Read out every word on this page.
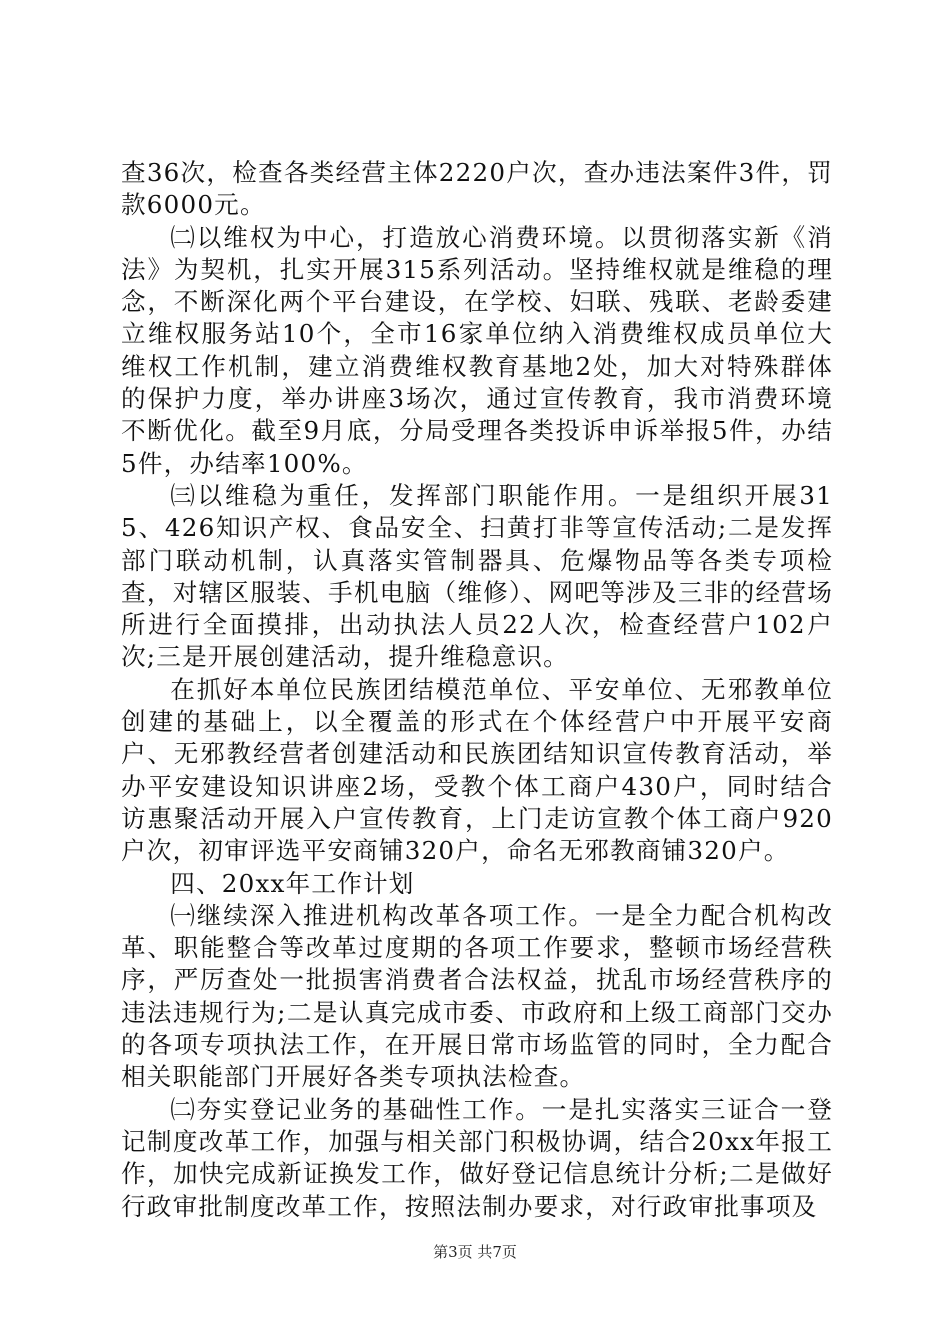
查36次，检查各类经营主体2220户次，查办违法案件3件，罚款6000元。

㈡以维权为中心，打造放心消费环境。以贯彻落实新《消法》为契机，扎实开展315系列活动。坚持维权就是维稳的理念，不断深化两个平台建设，在学校、妇联、残联、老龄委建立维权服务站10个，全市16家单位纳入消费维权成员单位大维权工作机制，建立消费维权教育基地2处，加大对特殊群体的保护力度，举办讲座3场次，通过宣传教育，我市消费环境不断优化。截至9月底，分局受理各类投诉申诉举报5件，办结5件，办结率100%。

㈢以维稳为重任，发挥部门职能作用。一是组织开展315、426知识产权、食品安全、扫黄打非等宣传活动;二是发挥部门联动机制，认真落实管制器具、危爆物品等各类专项检查，对辖区服装、手机电脑（维修）、网吧等涉及三非的经营场所进行全面摸排，出动执法人员22人次，检查经营户102户次;三是开展创建活动，提升维稳意识。

在抓好本单位民族团结模范单位、平安单位、无邪教单位创建的基础上，以全覆盖的形式在个体经营户中开展平安商户、无邪教经营者创建活动和民族团结知识宣传教育活动，举办平安建设知识讲座2场，受教个体工商户430户，同时结合访惠聚活动开展入户宣传教育，上门走访宣教个体工商户920户次，初审评选平安商铺320户，命名无邪教商铺320户。

四、20xx年工作计划

㈠继续深入推进机构改革各项工作。一是全力配合机构改革、职能整合等改革过度期的各项工作要求，整顿市场经营秩序，严厉查处一批损害消费者合法权益，扰乱市场经营秩序的违法违规行为;二是认真完成市委、市政府和上级工商部门交办的各项专项执法工作，在开展日常市场监管的同时，全力配合相关职能部门开展好各类专项执法检查。

㈡夯实登记业务的基础性工作。一是扎实落实三证合一登记制度改革工作，加强与相关部门积极协调，结合20xx年报工作，加快完成新证换发工作，做好登记信息统计分析;二是做好行政审批制度改革工作，按照法制办要求，对行政审批事项及

第3页 共7页
